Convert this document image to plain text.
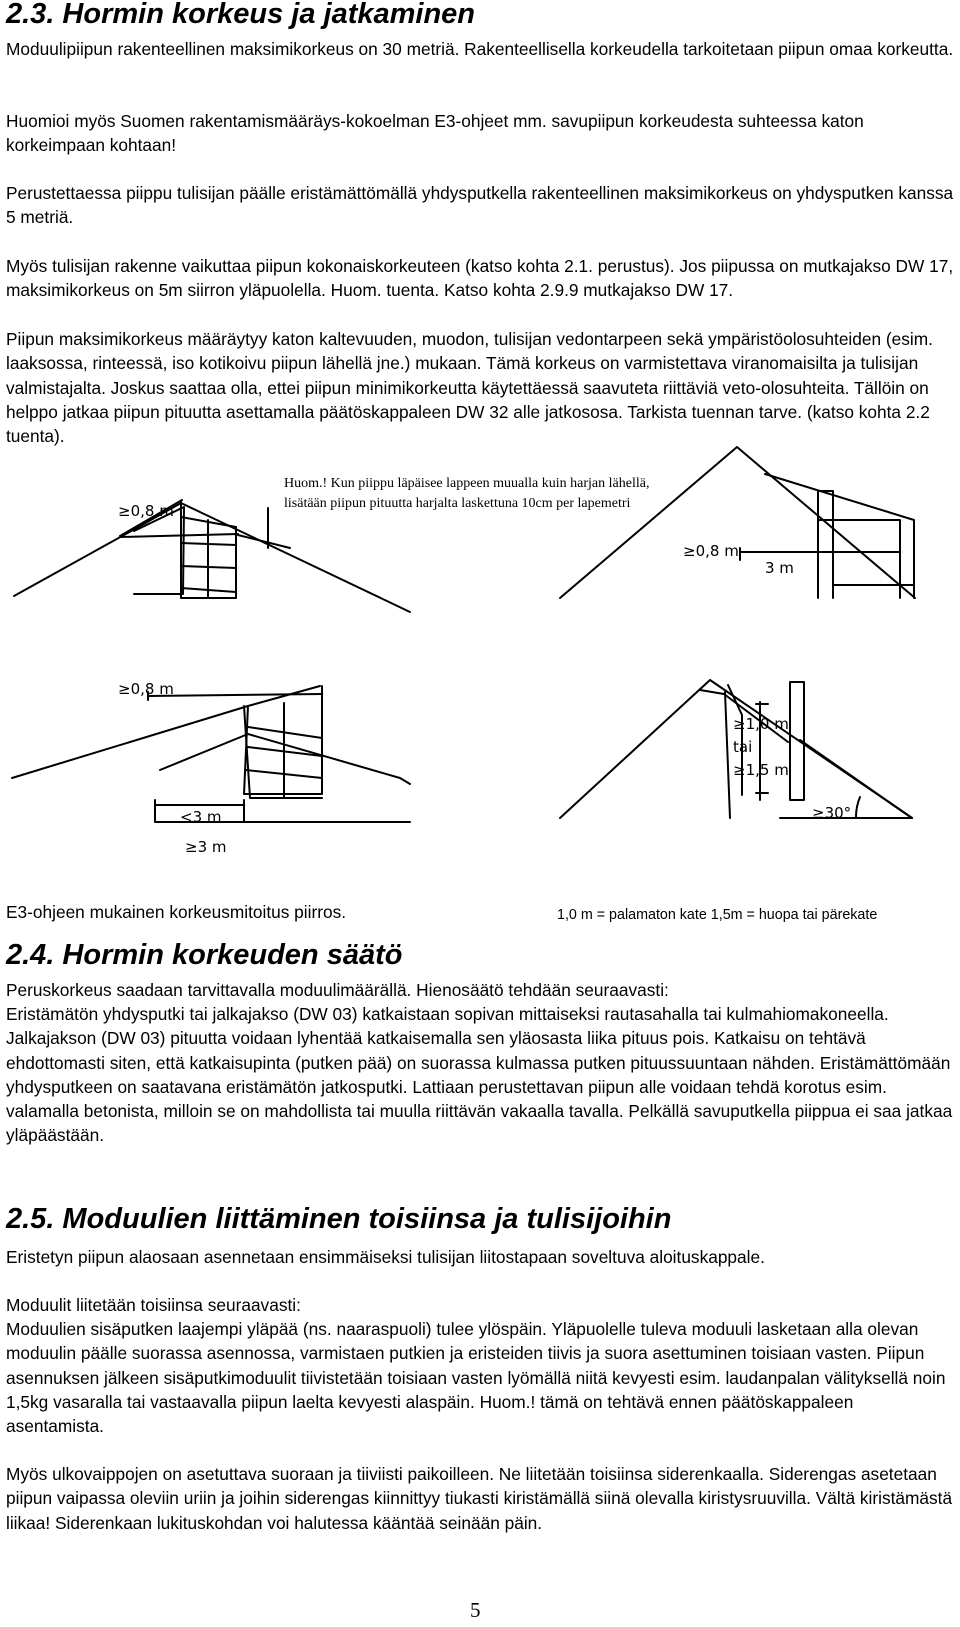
2.3. Hormin korkeus ja jatkaminen

Moduulipiipun rakenteellinen maksimikorkeus on 30 metriä. Rakenteellisella korkeudella tarkoitetaan piipun omaa korkeutta.

Huomioi myös Suomen rakentamismääräys-kokoelman E3-ohjeet mm. savupiipun korkeudesta suhteessa katon korkeimpaan kohtaan!

Perustettaessa piippu tulisijan päälle eristämättömällä yhdysputkella rakenteellinen maksimikorkeus on yhdysputken kanssa 5 metriä.

Myös tulisijan rakenne vaikuttaa piipun kokonaiskorkeuteen (katso kohta 2.1. perustus). Jos piipussa on mutkajakso DW 17, maksimikorkeus on 5m siirron yläpuolella. Huom. tuenta. Katso kohta 2.9.9 mutkajakso DW 17.

Piipun maksimikorkeus määräytyy katon kaltevuuden, muodon, tulisijan vedontarpeen sekä ympäristöolosuhteiden (esim. laaksossa, rinteessä, iso kotikoivu piipun lähellä jne.) mukaan. Tämä korkeus on varmistettava viranomaisilta ja tulisijan valmistajalta. Joskus saattaa olla, ettei piipun minimikorkeutta käytettäessä saavuteta riittäviä veto-olosuhteita. Tällöin on helppo jatkaa piipun pituutta asettamalla päätöskappaleen DW 32 alle jatkososa. Tarkista tuennan tarve. (katso kohta 2.2 tuenta).

Huom.! Kun piippu läpäisee lappeen muualla kuin harjan lähellä,
lisätään piipun pituutta harjalta laskettuna 10cm per lapemetri
≥0,8 m
≥0,8 m
3 m
≥0,8 m
<3 m
≥3 m
≥1,0 m
tai
≥1,5 m
≥30°
E3-ohjeen mukainen korkeusmitoitus piirros.	1,0 m = palamaton kate 1,5m = huopa tai pärekate
2.4. Hormin korkeuden säätö

Peruskorkeus saadaan tarvittavalla moduulimäärällä. Hienosäätö tehdään seuraavasti:

Eristämätön yhdysputki tai jalkajakso (DW 03) katkaistaan sopivan mittaiseksi rautasahalla tai kulmahiomakoneella. Jalkajakson (DW 03) pituutta voidaan lyhentää katkaisemalla sen yläosasta liika pituus pois. Katkaisu on tehtävä ehdottomasti siten, että katkaisupinta (putken pää) on suorassa kulmassa putken pituussuuntaan nähden. Eristämättömään yhdysputkeen on saatavana eristämätön jatkosputki. Lattiaan perustettavan piipun alle voidaan tehdä korotus esim. valamalla betonista, milloin se on mahdollista tai muulla riittävän vakaalla tavalla. Pelkällä savuputkella piippua ei saa jatkaa yläpäästään.

2.5. Moduulien liittäminen toisiinsa ja tulisijoihin

Eristetyn piipun alaosaan asennetaan ensimmäiseksi tulisijan liitostapaan soveltuva aloituskappale.

Moduulit liitetään toisiinsa seuraavasti:

Moduulien sisäputken laajempi yläpää (ns. naaraspuoli) tulee ylöspäin. Yläpuolelle tuleva moduuli lasketaan alla olevan moduulin päälle suorassa asennossa, varmistaen putkien ja eristeiden tiivis ja suora asettuminen toisiaan vasten. Piipun asennuksen jälkeen sisäputkimoduulit tiivistetään toisiaan vasten lyömällä niitä kevyesti esim. laudanpalan välityksellä noin 1,5kg vasaralla tai vastaavalla piipun laelta kevyesti alaspäin. Huom.! tämä on tehtävä ennen päätöskappaleen asentamista.

Myös ulkovaippojen on asetuttava suoraan ja tiiviisti paikoilleen. Ne liitetään toisiinsa siderenkaalla. Siderengas asetetaan piipun vaipassa oleviin uriin ja joihin siderengas kiinnittyy tiukasti kiristämällä siinä olevalla kiristysruuvilla. Vältä kiristämästä liikaa! Siderenkaan lukituskohdan voi halutessa kääntää seinään päin.

5
